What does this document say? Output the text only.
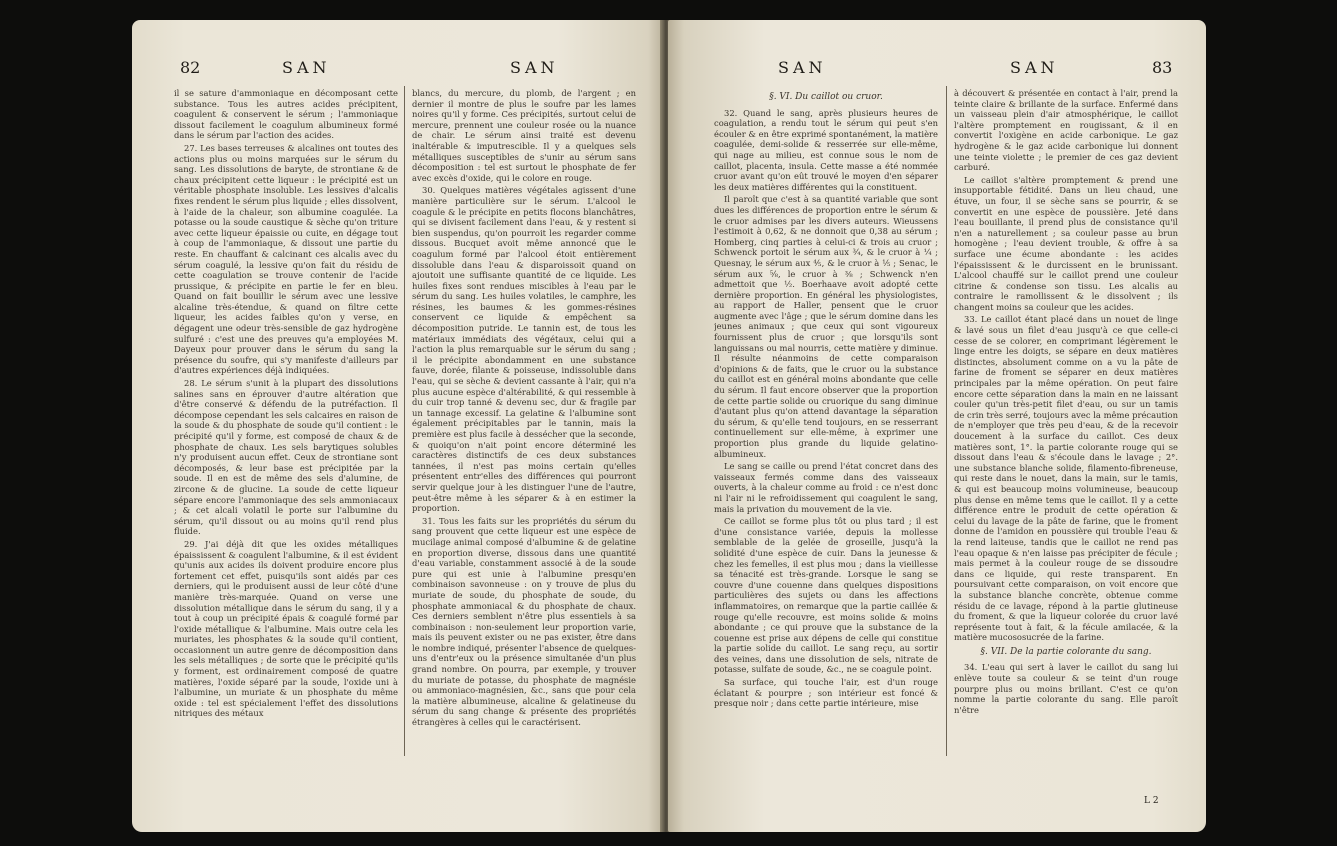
82	SAN	SAN

il se sature d'ammoniaque en décomposant cette substance. Tous les autres acides précipitent, coagulent & conservent le sérum ; l'ammoniaque dissout facilement le coagulum albumineux formé dans le sérum par l'action des acides.

27. Les bases terreuses & alcalines ont toutes des actions plus ou moins marquées sur le sérum du sang. Les dissolutions de baryte, de strontiane & de chaux précipitent cette liqueur : le précipité est un véritable phosphate insoluble. Les lessives d'alcalis fixes rendent le sérum plus liquide ; elles dissolvent, à l'aide de la chaleur, son albumine coagulée. La potasse ou la soude caustique & sèche qu'on triture avec cette liqueur épaissie ou cuite, en dégage tout à coup de l'ammoniaque, & dissout une partie du reste. En chauffant & calcinant ces alcalis avec du sérum coagulé, la lessive qu'on fait du résidu de cette coagulation se trouve contenir de l'acide prussique, & précipite en partie le fer en bleu. Quand on fait bouillir le sérum avec une lessive alcaline très-étendue, & quand on filtre cette liqueur, les acides faibles qu'on y verse, en dégagent une odeur très-sensible de gaz hydrogène sulfuré : c'est une des preuves qu'a employées M. Dayeux pour prouver dans le sérum du sang la présence du soufre, qui s'y manifeste d'ailleurs par d'autres expériences déjà indiquées.

28. Le sérum s'unit à la plupart des dissolutions salines sans en éprouver d'autre altération que d'être conservé & défendu de la putréfaction. Il décompose cependant les sels calcaires en raison de la soude & du phosphate de soude qu'il contient : le précipité qu'il y forme, est composé de chaux & de phosphate de chaux. Les sels barytiques solubles n'y produisent aucun effet. Ceux de strontiane sont décomposés, & leur base est précipitée par la soude. Il en est de même des sels d'alumine, de zircone & de glucine. La soude de cette liqueur sépare encore l'ammoniaque des sels ammoniacaux ; & cet alcali volatil le porte sur l'albumine du sérum, qu'il dissout ou au moins qu'il rend plus fluide.

29. J'ai déjà dit que les oxides métalliques épaississent & coagulent l'albumine, & il est évident qu'unis aux acides ils doivent produire encore plus fortement cet effet, puisqu'ils sont aidés par ces derniers, qui le produisent aussi de leur côté d'une manière très-marquée. Quand on verse une dissolution métallique dans le sérum du sang, il y a tout à coup un précipité épais & coagulé formé par l'oxide métallique & l'albumine. Mais outre cela les muriates, les phosphates & la soude qu'il contient, occasionnent un autre genre de décomposition dans les sels métalliques ; de sorte que le précipité qu'ils y forment, est ordinairement composé de quatre matières, l'oxide séparé par la soude, l'oxide uni à l'albumine, un muriate & un phosphate du même oxide : tel est spécialement l'effet des dissolutions nitriques des métaux

blancs, du mercure, du plomb, de l'argent ; en dernier il montre de plus le soufre par les lames noires qu'il y forme. Ces précipités, surtout celui de mercure, prennent une couleur rosée ou la nuance de chair. Le sérum ainsi traité est devenu inaltérable & imputrescible. Il y a quelques sels métalliques susceptibles de s'unir au sérum sans décomposition : tel est surtout le phosphate de fer avec excès d'oxide, qui le colore en rouge.

30. Quelques matières végétales agissent d'une manière particulière sur le sérum. L'alcool le coagule & le précipite en petits flocons blanchâtres, qui se divisent facilement dans l'eau, & y restent si bien suspendus, qu'on pourroit les regarder comme dissous. Bucquet avoit même annoncé que le coagulum formé par l'alcool étoit entièrement dissoluble dans l'eau & disparoissoit quand on ajoutoit une suffisante quantité de ce liquide. Les huiles fixes sont rendues miscibles à l'eau par le sérum du sang. Les huiles volatiles, le camphre, les résines, les baumes & les gommes-résines conservent ce liquide & empêchent sa décomposition putride. Le tannin est, de tous les matériaux immédiats des végétaux, celui qui a l'action la plus remarquable sur le sérum du sang ; il le précipite abondamment en une substance fauve, dorée, filante & poisseuse, indissoluble dans l'eau, qui se sèche & devient cassante à l'air, qui n'a plus aucune espèce d'altérabilité, & qui ressemble à du cuir trop tanné & devenu sec, dur & fragile par un tannage excessif. La gelatine & l'albumine sont également précipitables par le tannin, mais la première est plus facile à dessécher que la seconde, & quoiqu'on n'ait point encore déterminé les caractères distinctifs de ces deux substances tannées, il n'est pas moins certain qu'elles présentent entr'elles des différences qui pourront servir quelque jour à les distinguer l'une de l'autre, peut-être même à les séparer & à en estimer la proportion.

31. Tous les faits sur les propriétés du sérum du sang prouvent que cette liqueur est une espèce de mucilage animal composé d'albumine & de gelatine en proportion diverse, dissous dans une quantité d'eau variable, constamment associé à de la soude pure qui est unie à l'albumine presqu'en combinaison savonneuse : on y trouve de plus du muriate de soude, du phosphate de soude, du phosphate ammoniacal & du phosphate de chaux. Ces derniers semblent n'être plus essentiels à sa combinaison : non-seulement leur proportion varie, mais ils peuvent exister ou ne pas exister, être dans le nombre indiqué, présenter l'absence de quelques-uns d'entr'eux ou la présence simultanée d'un plus grand nombre. On pourra, par exemple, y trouver du muriate de potasse, du phosphate de magnésie ou ammoniaco-magnésien, &c., sans que pour cela la matière albumineuse, alcaline & gelatineuse du sérum du sang change & présente des propriétés étrangères à celles qui le caractérisent.

SAN	SAN	83
§. VI. Du caillot ou cruor.

32. Quand le sang, après plusieurs heures de coagulation, a rendu tout le sérum qui peut s'en écouler & en être exprimé spontanément, la matière coagulée, demi-solide & resserrée sur elle-même, qui nage au milieu, est connue sous le nom de caillot, placenta, insula. Cette masse a été nommée cruor avant qu'on eût trouvé le moyen d'en séparer les deux matières différentes qui la constituent.

Il paroît que c'est à sa quantité variable que sont dues les différences de proportion entre le sérum & le cruor admises par les divers auteurs. Wieussens l'estimoit à 0,62, & ne donnoit que 0,38 au sérum ; Homberg, cinq parties à celui-ci & trois au cruor ; Schwenck portoit le sérum aux ¾, & le cruor à ¼ ; Quesnay, le sérum aux ⅘, & le cruor à ⅕ ; Senac, le sérum aux ⅝, le cruor à ⅜ ; Schwenck n'en admettoit que ½. Boerhaave avoit adopté cette dernière proportion. En général les physiologistes, au rapport de Haller, pensent que le cruor augmente avec l'âge ; que le sérum domine dans les jeunes animaux ; que ceux qui sont vigoureux fournissent plus de cruor ; que lorsqu'ils sont languissans ou mal nourris, cette matière y diminue. Il résulte néanmoins de cette comparaison d'opinions & de faits, que le cruor ou la substance du caillot est en général moins abondante que celle du sérum. Il faut encore observer que la proportion de cette partie solide ou cruorique du sang diminue d'autant plus qu'on attend davantage la séparation du sérum, & qu'elle tend toujours, en se resserrant continuellement sur elle-même, à exprimer une proportion plus grande du liquide gelatino-albumineux.

Le sang se caille ou prend l'état concret dans des vaisseaux fermés comme dans des vaisseaux ouverts, à la chaleur comme au froid : ce n'est donc ni l'air ni le refroidissement qui coagulent le sang, mais la privation du mouvement de la vie.

Ce caillot se forme plus tôt ou plus tard ; il est d'une consistance variée, depuis la mollesse semblable de la gelée de groseille, jusqu'à la solidité d'une espèce de cuir. Dans la jeunesse & chez les femelles, il est plus mou ; dans la vieillesse sa ténacité est très-grande. Lorsque le sang se couvre d'une couenne dans quelques dispositions particulières des sujets ou dans les affections inflammatoires, on remarque que la partie caillée & rouge qu'elle recouvre, est moins solide & moins abondante ; ce qui prouve que la substance de la couenne est prise aux dépens de celle qui constitue la partie solide du caillot. Le sang reçu, au sortir des veines, dans une dissolution de sels, nitrate de potasse, sulfate de soude, &c., ne se coagule point.

Sa surface, qui touche l'air, est d'un rouge éclatant & pourpre ; son intérieur est foncé & presque noir ; dans cette partie intérieure, mise

à découvert & présentée en contact à l'air, prend la teinte claire & brillante de la surface. Enfermé dans un vaisseau plein d'air atmosphérique, le caillot l'altère promptement en rougissant, & il en convertit l'oxigène en acide carbonique. Le gaz hydrogène & le gaz acide carbonique lui donnent une teinte violette ; le premier de ces gaz devient carburé.

Le caillot s'altère promptement & prend une insupportable fétidité. Dans un lieu chaud, une étuve, un four, il se sèche sans se pourrir, & se convertit en une espèce de poussière. Jeté dans l'eau bouillante, il prend plus de consistance qu'il n'en a naturellement ; sa couleur passe au brun homogène ; l'eau devient trouble, & offre à sa surface une écume abondante : les acides l'épaississent & le durcissent en le brunissant. L'alcool chauffé sur le caillot prend une couleur citrine & condense son tissu. Les alcalis au contraire le ramollissent & le dissolvent ; ils changent moins sa couleur que les acides.

33. Le caillot étant placé dans un nouet de linge & lavé sous un filet d'eau jusqu'à ce que celle-ci cesse de se colorer, en comprimant légèrement le linge entre les doigts, se sépare en deux matières distinctes, absolument comme on a vu la pâte de farine de froment se séparer en deux matières principales par la même opération. On peut faire encore cette séparation dans la main en ne laissant couler qu'un très-petit filet d'eau, ou sur un tamis de crin très serré, toujours avec la même précaution de n'employer que très peu d'eau, & de la recevoir doucement à la surface du caillot. Ces deux matières sont, 1°. la partie colorante rouge qui se dissout dans l'eau & s'écoule dans le lavage ; 2°. une substance blanche solide, filamento-fibreneuse, qui reste dans le nouet, dans la main, sur le tamis, & qui est beaucoup moins volumineuse, beaucoup plus dense en même tems que le caillot. Il y a cette différence entre le produit de cette opération & celui du lavage de la pâte de farine, que le froment donne de l'amidon en poussière qui trouble l'eau & la rend laiteuse, tandis que le caillot ne rend pas l'eau opaque & n'en laisse pas précipiter de fécule ; mais permet à la couleur rouge de se dissoudre dans ce liquide, qui reste transparent. En poursuivant cette comparaison, on voit encore que la substance blanche concrète, obtenue comme résidu de ce lavage, répond à la partie glutineuse du froment, & que la liqueur colorée du cruor lavé représente tout à fait, & la fécule amilacée, & la matière mucososucrée de la farine.

§. VII. De la partie colorante du sang.

34. L'eau qui sert à laver le caillot du sang lui enlève toute sa couleur & se teint d'un rouge pourpre plus ou moins brillant. C'est ce qu'on nomme la partie colorante du sang. Elle paroît n'être

L 2
